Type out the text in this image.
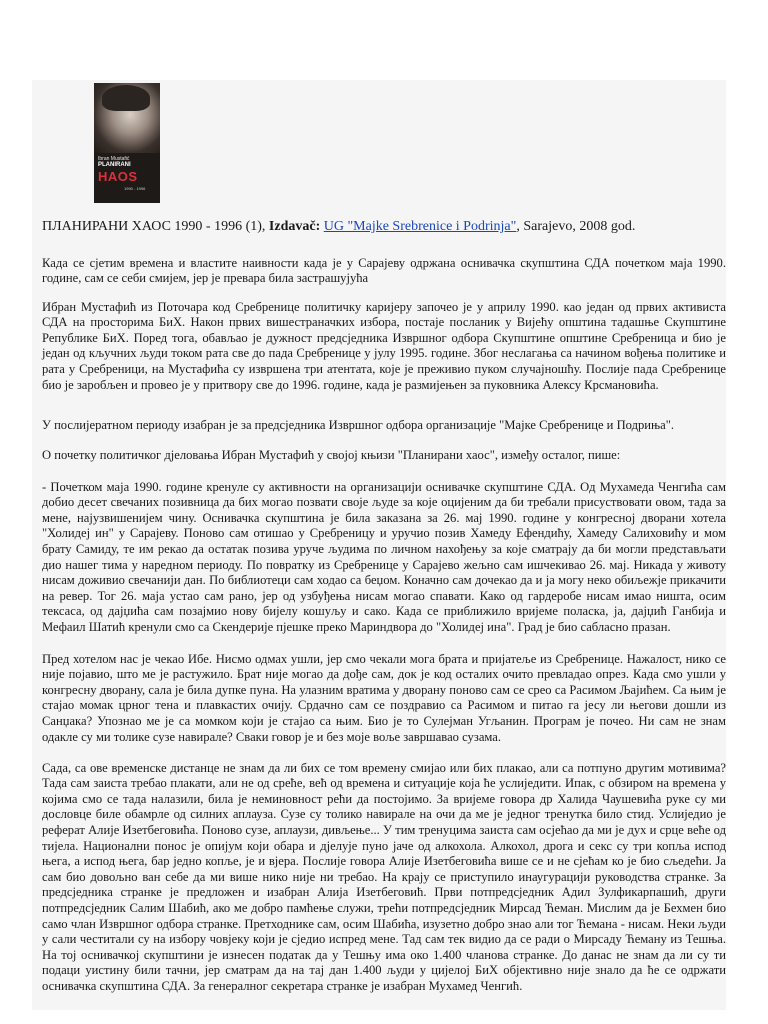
Ibran Mustafić
PLANIRANI
HAOS
1990 - 1996
ПЛАНИРАНИ ХАОС 1990 - 1996 (1), Izdavač: UG "Majke Srebrenice i Podrinja", Sarajevo, 2008 god.

Када се сјетим времена и властите наивности када је у Сарајеву одржана оснивачка скупштина СДА почетком маја 1990. године, сам се себи смијем, јер је превара била застрашујућа

Ибран Мустафић из Поточара код Сребренице политичку каријеру започео је у априлу 1990. као један од првих активиста СДА на просторима БиХ. Након првих вишестраначких избора, постаје посланик у Вијећу општина тадашње Скупштине Републике БиХ. Поред тога, обављао је дужност предсједника Извршног одбора Скупштине општине Сребреница и био је један од кључних људи током рата све до пада Сребренице у јулу 1995. године. Због неслагања са начином вођења политике и рата у Сребреници, на Мустафића су извршена три атентата, које је преживио пуком случајношћу. Послије пада Сребренице био је заробљен и провео је у притвору све до 1996. године, када је размијењен за пуковника Алексу Крсмановића.

У послијератном периоду изабран је за предсједника Извршног одбора организације "Мајке Сребренице и Подриња".

О почетку политичког дјеловања Ибран Мустафић у својој књизи "Планирани хаос", између осталог, пише:

- Почетком маја 1990. године кренуле су активности на организацији оснивачке скупштине СДА. Од Мухамеда Ченгића сам добио десет свечаних позивница да бих могао позвати своје људе за које оцијеним да би требали присуствовати овом, тада за мене, најузвишенијем чину. Оснивачка скупштина је била заказана за 26. мај 1990. године у конгресној дворани хотела "Холидеј ин" у Сарајеву. Поново сам отишао у Сребреницу и уручио позив Хамеду Ефендићу, Хамеду Салиховићу и мом брату Самиду, те им рекао да остатак позива уруче људима по личном нахођењу за које сматрају да би могли представљати дио нашег тима у наредном периоду. По повратку из Сребренице у Сарајево жељно сам ишчекивао 26. мај. Никада у животу нисам доживио свечанији дан. По библиотеци сам ходао са беџом. Коначно сам дочекао да и ја могу неко обиљежје прикачити на ревер. Тог 26. маја устао сам рано, јер од узбуђења нисам могао спавати. Како од гардеробе нисам имао ништа, осим тексаса, од дајџића сам позајмио нову бијелу кошуљу и сако. Када се приближило вријеме поласка, ја, дајџић Ганбија и Мефаил Шатић кренули смо са Скендерије пјешке преко Мариндвора до "Холидеј ина". Град је био сабласно празан.

Пред хотелом нас је чекао Ибе. Нисмо одмах ушли, јер смо чекали мога брата и пријатеље из Сребренице. Нажалост, нико се није појавио, што ме је растужило. Брат није могао да дође сам, док је код осталих очито превладао опрез. Када смо ушли у конгресну дворану, сала је била дупке пуна. На улазним вратима у дворану поново сам се срео са Расимом Љајићем. Са њим је стајао момак црног тена и плавкастих очију. Срдачно сам се поздравио са Расимом и питао га јесу ли његови дошли из Санџака? Упознао ме је са момком који је стајао са њим. Био је то Сулејман Угљанин. Програм је почео. Ни сам не знам одакле су ми толике сузе навирале? Сваки говор је и без моје воље завршавао сузама.

Сада, са ове временске дистанце не знам да ли бих се том времену смијао или бих плакао, али са потпуно другим мотивима? Тада сам заиста требао плакати, али не од среће, већ од времена и ситуације која ће услиједити. Ипак, с обзиром на времена у којима смо се тада налазили, била је неминовност рећи да постојимо. За вријеме говора др Халида Чаушевића руке су ми дословце биле обамрле од силних аплауза. Сузе су толико навирале на очи да ме је једног тренутка било стид. Услиједио је реферат Алије Изетбеговића. Поново сузе, аплаузи, дивљење... У тим тренуцима заиста сам осјећао да ми је дух и срце веће од тијела. Национални понос је опијум који обара и дјелује пуно јаче од алкохола. Алкохол, дрога и секс су три копља испод њега, а испод њега, бар једно копље, је и вјера. Послије говора Алије Изетбеговића више се и не сјећам ко је био сљедећи. Ја сам био довољно ван себе да ми више нико није ни требао. На крају се приступило инаугурацији руководства странке. За предсједника странке је предложен и изабран Алија Изетбеговић. Први потпредсједник Адил Зулфикарпашић, други потпредсједник Салим Шабић, ако ме добро памћење служи, трећи потпредсједник Мирсад Ћеман. Мислим да је Бехмен био само члан Извршног одбора странке. Претходнике сам, осим Шабића, изузетно добро знао али тог Ћемана - нисам. Неки људи у сали честитали су на избору човјеку који је сједио испред мене. Тад сам тек видио да се ради о Мирсаду Ћеману из Тешња. На тој оснивачкој скупштини је изнесен податак да у Тешњу има око 1.400 чланова странке. До данас не знам да ли су ти подаци уистину били тачни, јер сматрам да на тај дан 1.400 људи у цијелој БиХ објективно није знало да ће се одржати оснивачка скупштина СДА. За генералног секретара странке је изабран Мухамед Ченгић.
